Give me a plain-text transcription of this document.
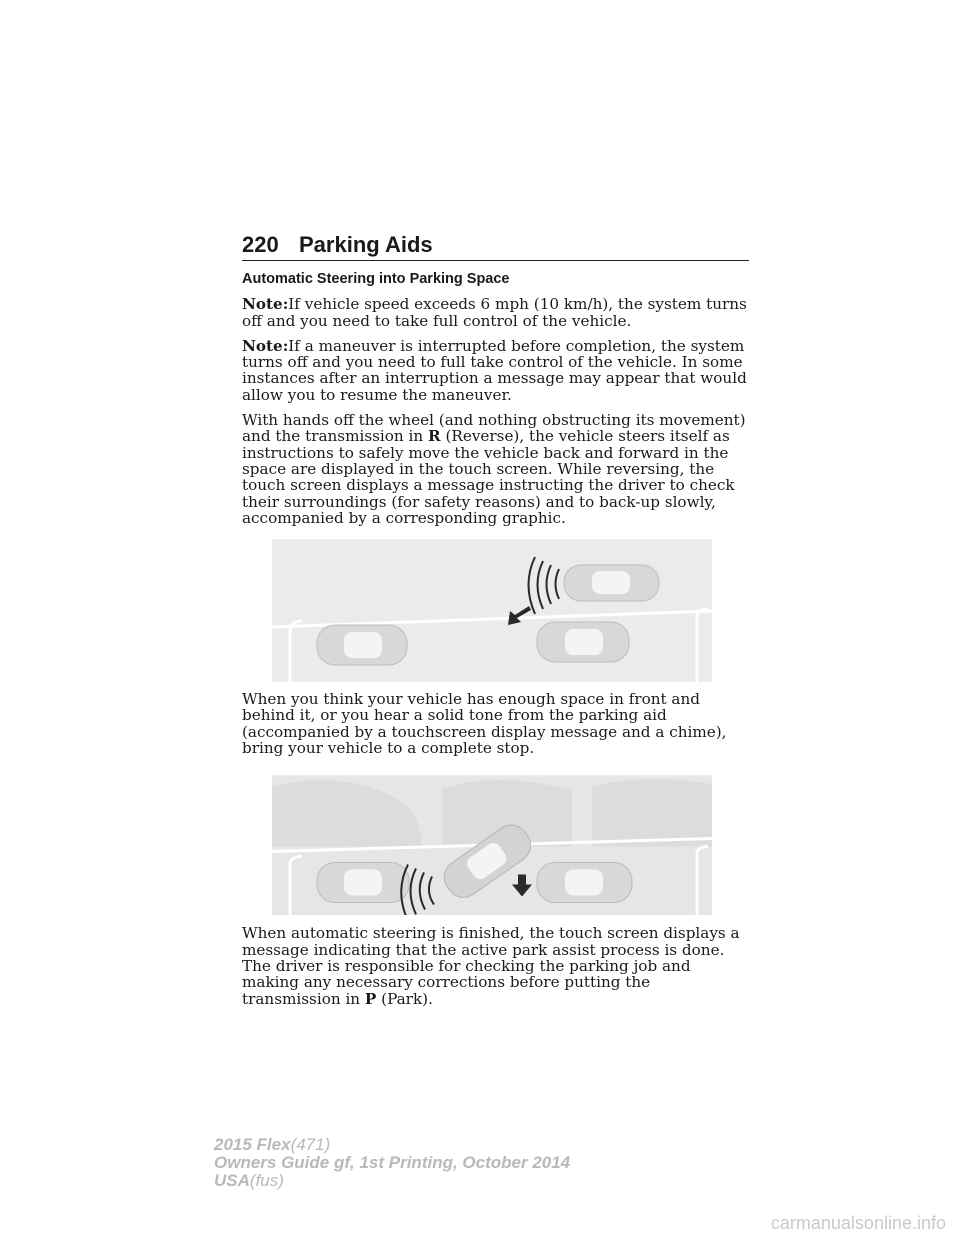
220 Parking Aids
Automatic Steering into Parking Space

Note:If vehicle speed exceeds 6 mph (10 km/h), the system turns off and you need to take full control of the vehicle.

Note:If a maneuver is interrupted before completion, the system turns off and you need to full take control of the vehicle. In some instances after an interruption a message may appear that would allow you to resume the maneuver.

With hands off the wheel (and nothing obstructing its movement) and the transmission in R (Reverse), the vehicle steers itself as instructions to safely move the vehicle back and forward in the space are displayed in the touch screen. While reversing, the touch screen displays a message instructing the driver to check their surroundings (for safety reasons) and to back-up slowly, accompanied by a corresponding graphic.

When you think your vehicle has enough space in front and behind it, or you hear a solid tone from the parking aid (accompanied by a touchscreen display message and a chime), bring your vehicle to a complete stop.

When automatic steering is finished, the touch screen displays a message indicating that the active park assist process is done. The driver is responsible for checking the parking job and making any necessary corrections before putting the transmission in P (Park).

2015 Flex(471)
Owners Guide gf, 1st Printing, October 2014
USA(fus)
carmanualsonline.info
